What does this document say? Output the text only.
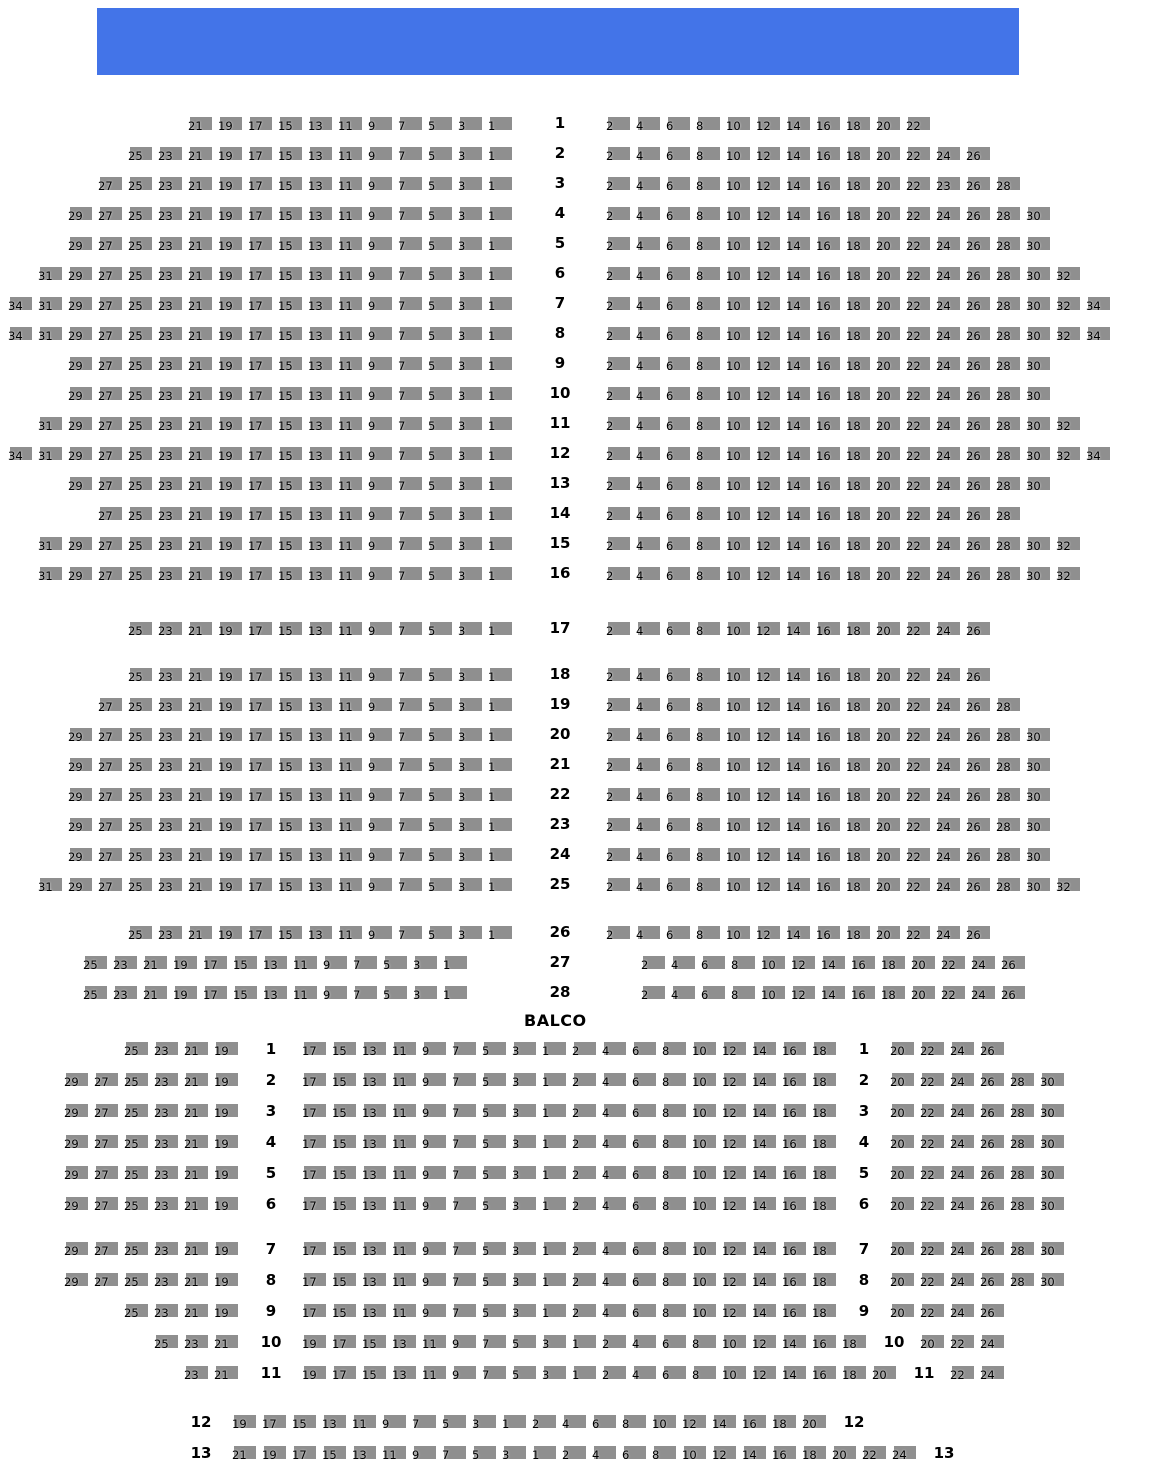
21 19 17 15 13 11 9 7 5 3 1	1	2 4 6 8 10 12 14 16 18 20 22
25 23 21 19 17 15 13 11 9 7 5 3 1	2	2 4 6 8 10 12 14 16 18 20 22 24 26
27 25 23 21 19 17 15 13 11 9 7 5 3 1	3	2 4 6 8 10 12 14 16 18 20 22 23 26 28
29 27 25 23 21 19 17 15 13 11 9 7 5 3 1	4	2 4 6 8 10 12 14 16 18 20 22 24 26 28 30
29 27 25 23 21 19 17 15 13 11 9 7 5 3 1	5	2 4 6 8 10 12 14 16 18 20 22 24 26 28 30
31 29 27 25 23 21 19 17 15 13 11 9 7 5 3 1	6	2 4 6 8 10 12 14 16 18 20 22 24 26 28 30 32
34 31 29 27 25 23 21 19 17 15 13 11 9 7 5 3 1	7	2 4 6 8 10 12 14 16 18 20 22 24 26 28 30 32 34
34 31 29 27 25 23 21 19 17 15 13 11 9 7 5 3 1	8	2 4 6 8 10 12 14 16 18 20 22 24 26 28 30 32 34
29 27 25 23 21 19 17 15 13 11 9 7 5 3 1	9	2 4 6 8 10 12 14 16 18 20 22 24 26 28 30
29 27 25 23 21 19 17 15 13 11 9 7 5 3 1	10	2 4 6 8 10 12 14 16 18 20 22 24 26 28 30
31 29 27 25 23 21 19 17 15 13 11 9 7 5 3 1	11	2 4 6 8 10 12 14 16 18 20 22 24 26 28 30 32
34 31 29 27 25 23 21 19 17 15 13 11 9 7 5 3 1	12	2 4 6 8 10 12 14 16 18 20 22 24 26 28 30 32 34
29 27 25 23 21 19 17 15 13 11 9 7 5 3 1	13	2 4 6 8 10 12 14 16 18 20 22 24 26 28 30
27 25 23 21 19 17 15 13 11 9 7 5 3 1	14	2 4 6 8 10 12 14 16 18 20 22 24 26 28
31 29 27 25 23 21 19 17 15 13 11 9 7 5 3 1	15	2 4 6 8 10 12 14 16 18 20 22 24 26 28 30 32
31 29 27 25 23 21 19 17 15 13 11 9 7 5 3 1	16	2 4 6 8 10 12 14 16 18 20 22 24 26 28 30 32
25 23 21 19 17 15 13 11 9 7 5 3 1	17	2 4 6 8 10 12 14 16 18 20 22 24 26
25 23 21 19 17 15 13 11 9 7 5 3 1	18	2 4 6 8 10 12 14 16 18 20 22 24 26
27 25 23 21 19 17 15 13 11 9 7 5 3 1	19	2 4 6 8 10 12 14 16 18 20 22 24 26 28
29 27 25 23 21 19 17 15 13 11 9 7 5 3 1	20	2 4 6 8 10 12 14 16 18 20 22 24 26 28 30
29 27 25 23 21 19 17 15 13 11 9 7 5 3 1	21	2 4 6 8 10 12 14 16 18 20 22 24 26 28 30
29 27 25 23 21 19 17 15 13 11 9 7 5 3 1	22	2 4 6 8 10 12 14 16 18 20 22 24 26 28 30
29 27 25 23 21 19 17 15 13 11 9 7 5 3 1	23	2 4 6 8 10 12 14 16 18 20 22 24 26 28 30
29 27 25 23 21 19 17 15 13 11 9 7 5 3 1	24	2 4 6 8 10 12 14 16 18 20 22 24 26 28 30
31 29 27 25 23 21 19 17 15 13 11 9 7 5 3 1	25	2 4 6 8 10 12 14 16 18 20 22 24 26 28 30 32
25 23 21 19 17 15 13 11 9 7 5 3 1	26	2 4 6 8 10 12 14 16 18 20 22 24 26
25 23 21 19 17 15 13 11 9 7 5 3 1	27	2 4 6 8 10 12 14 16 18 20 22 24 26
25 23 21 19 17 15 13 11 9 7 5 3 1	28	2 4 6 8 10 12 14 16 18 20 22 24 26
BALCO
25 23 21 19	1	17 15 13 11 9 7 5 3 1 2 4 6 8 10 12 14 16 18	1	20 22 24 26
29 27 25 23 21 19	2	17 15 13 11 9 7 5 3 1 2 4 6 8 10 12 14 16 18	2	20 22 24 26 28 30
29 27 25 23 21 19	3	17 15 13 11 9 7 5 3 1 2 4 6 8 10 12 14 16 18	3	20 22 24 26 28 30
29 27 25 23 21 19	4	17 15 13 11 9 7 5 3 1 2 4 6 8 10 12 14 16 18	4	20 22 24 26 28 30
29 27 25 23 21 19	5	17 15 13 11 9 7 5 3 1 2 4 6 8 10 12 14 16 18	5	20 22 24 26 28 30
29 27 25 23 21 19	6	17 15 13 11 9 7 5 3 1 2 4 6 8 10 12 14 16 18	6	20 22 24 26 28 30
29 27 25 23 21 19	7	17 15 13 11 9 7 5 3 1 2 4 6 8 10 12 14 16 18	7	20 22 24 26 28 30
29 27 25 23 21 19	8	17 15 13 11 9 7 5 3 1 2 4 6 8 10 12 14 16 18	8	20 22 24 26 28 30
25 23 21 19	9	17 15 13 11 9 7 5 3 1 2 4 6 8 10 12 14 16 18	9	20 22 24 26
25 23 21	10	19 17 15 13 11 9 7 5 3 1 2 4 6 8 10 12 14 16 18	10	20 22 24
23 21	11	19 17 15 13 11 9 7 5 3 1 2 4 6 8 10 12 14 16 18 20	11	22 24
12	19 17 15 13 11 9 7 5 3 1 2 4 6 8 10 12 14 16 18 20	12
13	21 19 17 15 13 11 9 7 5 3 1 2 4 6 8 10 12 14 16 18 20 22 24	13
